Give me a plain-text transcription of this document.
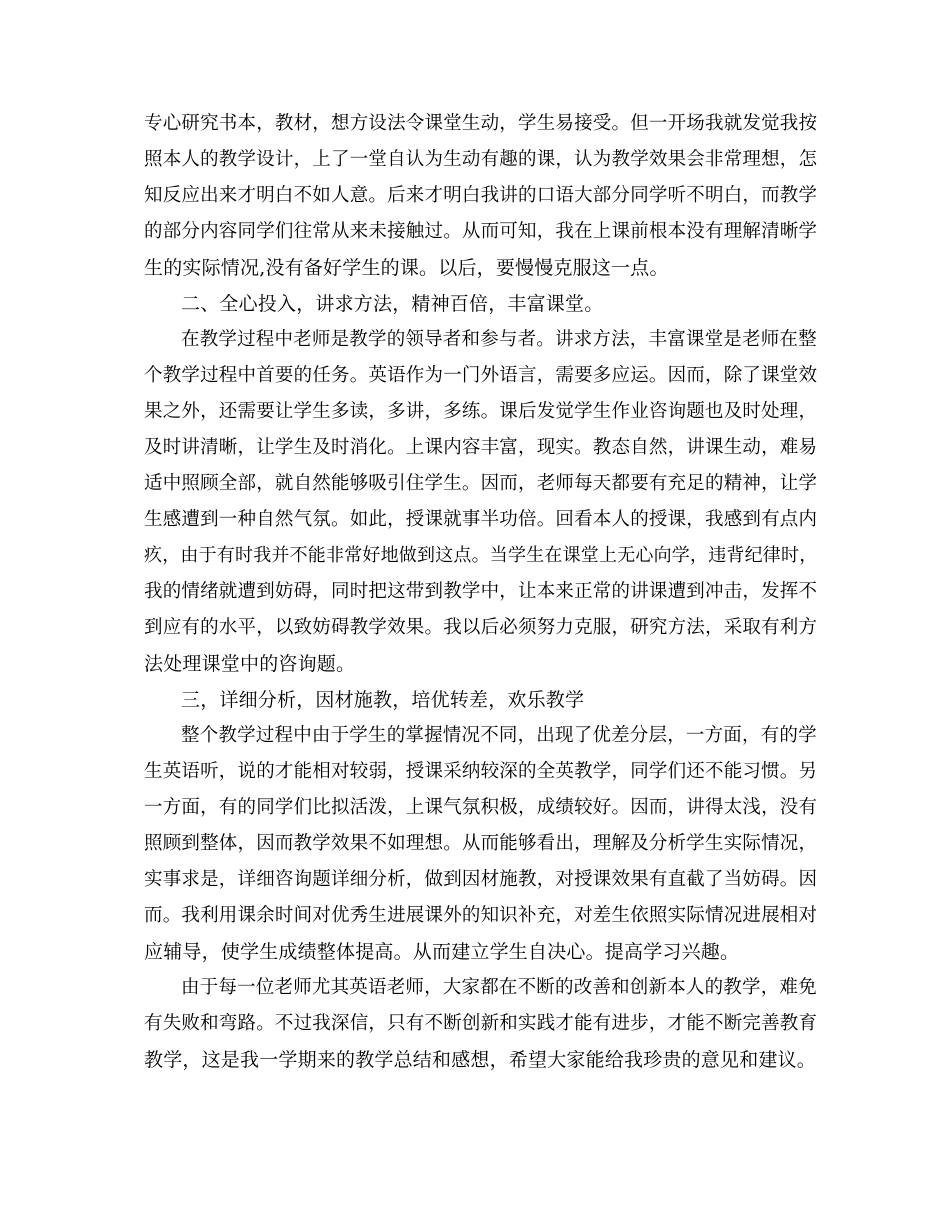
专心研究书本，教材，想方设法令课堂生动，学生易接受。但一开场我就发觉我按
照本人的教学设计，上了一堂自认为生动有趣的课，认为教学效果会非常理想，怎
知反应出来才明白不如人意。后来才明白我讲的口语大部分同学听不明白，而教学
的部分内容同学们往常从来未接触过。从而可知，我在上课前根本没有理解清晰学
生的实际情况,没有备好学生的课。以后，要慢慢克服这一点。
二、全心投入，讲求方法，精神百倍，丰富课堂。
在教学过程中老师是教学的领导者和参与者。讲求方法，丰富课堂是老师在整
个教学过程中首要的任务。英语作为一门外语言，需要多应运。因而，除了课堂效
果之外，还需要让学生多读，多讲，多练。课后发觉学生作业咨询题也及时处理，
及时讲清晰，让学生及时消化。上课内容丰富，现实。教态自然，讲课生动，难易
适中照顾全部，就自然能够吸引住学生。因而，老师每天都要有充足的精神，让学
生感遭到一种自然气氛。如此，授课就事半功倍。回看本人的授课，我感到有点内
疚，由于有时我并不能非常好地做到这点。当学生在课堂上无心向学，违背纪律时，
我的情绪就遭到妨碍，同时把这带到教学中，让本来正常的讲课遭到冲击，发挥不
到应有的水平，以致妨碍教学效果。我以后必须努力克服，研究方法，采取有利方
法处理课堂中的咨询题。
三，详细分析，因材施教，培优转差，欢乐教学
整个教学过程中由于学生的掌握情况不同，出现了优差分层，一方面，有的学
生英语听，说的才能相对较弱，授课采纳较深的全英教学，同学们还不能习惯。另
一方面，有的同学们比拟活泼，上课气氛积极，成绩较好。因而，讲得太浅，没有
照顾到整体，因而教学效果不如理想。从而能够看出，理解及分析学生实际情况，
实事求是，详细咨询题详细分析，做到因材施教，对授课效果有直截了当妨碍。因
而。我利用课余时间对优秀生进展课外的知识补充，对差生依照实际情况进展相对
应辅导，使学生成绩整体提高。从而建立学生自决心。提高学习兴趣。
由于每一位老师尤其英语老师，大家都在不断的改善和创新本人的教学，难免
有失败和弯路。不过我深信，只有不断创新和实践才能有进步，才能不断完善教育
教学，这是我一学期来的教学总结和感想，希望大家能给我珍贵的意见和建议。
